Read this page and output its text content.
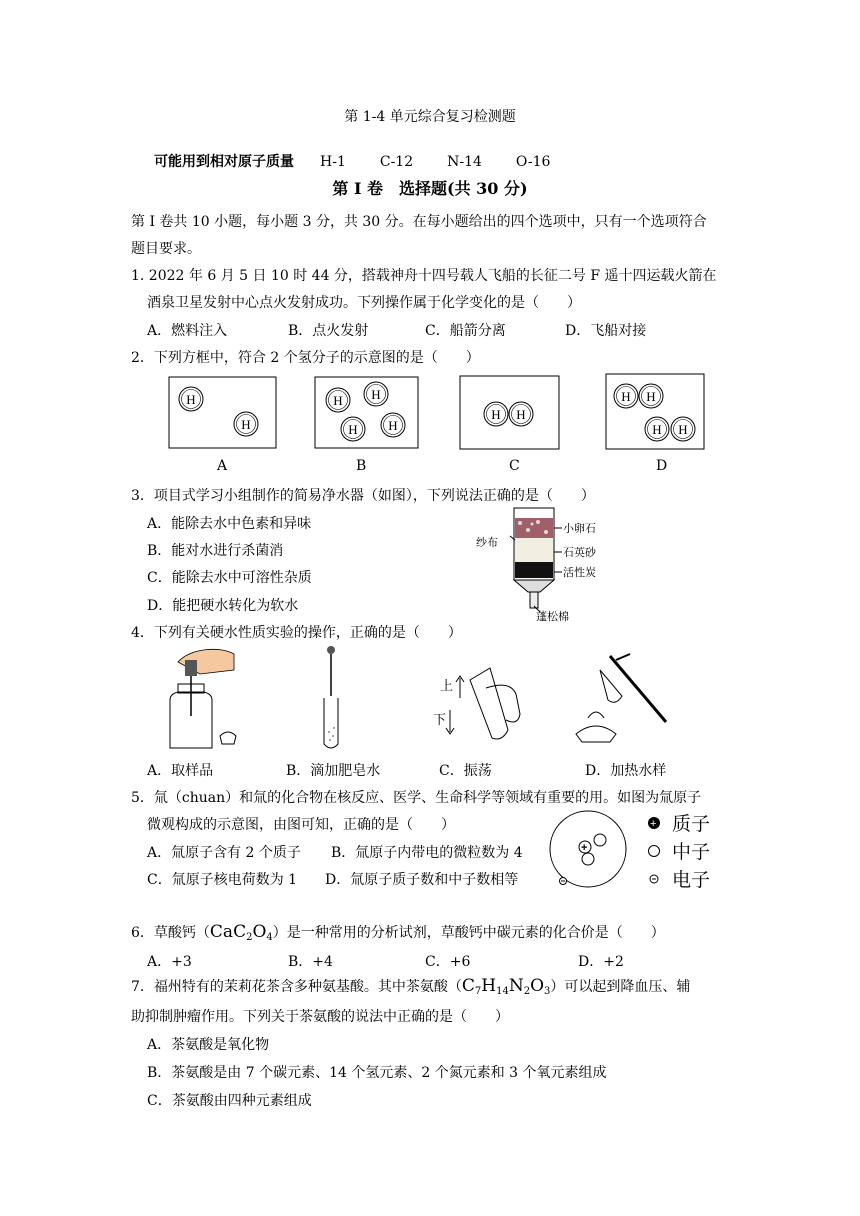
第 1-4 单元综合复习检测题
可能用到相对原子质量 H-1 C-12 N-14 O-16
第 I 卷　选择题(共 30 分)
第 I 卷共 10 小题，每小题 3 分，共 30 分。在每小题给出的四个选项中，只有一个选项符合
题目要求。
1. 2022 年 6 月 5 日 10 时 44 分，搭载神舟十四号载人飞船的长征二号 F 遥十四运载火箭在
酒泉卫星发射中心点火发射成功。下列操作属于化学变化的是（　　）
A．燃料注入	B．点火发射	C．船箭分离	D．飞船对接
2．下列方框中，符合 2 个氢分子的示意图的是（　　）
H
H
H H
H H
H H
H H
H H
A	B	C	D
3．项目式学习小组制作的简易净水器（如图），下列说法正确的是（　　）
A．能除去水中色素和异味
B．能对水进行杀菌消
C．能除去水中可溶性杂质
D．能把硬水转化为软水
纱布
小卵石
石英砂
活性炭
蓬松棉
4．下列有关硬水性质实验的操作，正确的是（　　）
上
下
A．取样品	B．滴加肥皂水	C．振荡	D．加热水样
5．氚（chuan）和氚的化合物在核反应、医学、生命科学等领域有重要的用。如图为氚原子
微观构成的示意图，由图可知，正确的是（　　）
A．氚原子含有 2 个质子 B．氚原子内带电的微粒数为 4
C．氚原子核电荷数为 1 D．氚原子质子数和中子数相等
+
+ 质子
中子
电子
6．草酸钙$(CaC_2O_4)$是一种常用的分析试剂，草酸钙中碳元素的化合价是（　　）
A．+3	B．+4	C．+6	D．+2
7．福州特有的茉莉花茶含多种氨基酸。其中茶氨酸$(C_7H_{14}N_2O_3)$可以起到降血压、辅
助抑制肿瘤作用。下列关于茶氨酸的说法中正确的是（　　）
A．茶氨酸是氧化物
B．茶氨酸是由 7 个碳元素、14 个氢元素、2 个氮元素和 3 个氧元素组成
C．茶氨酸由四种元素组成
